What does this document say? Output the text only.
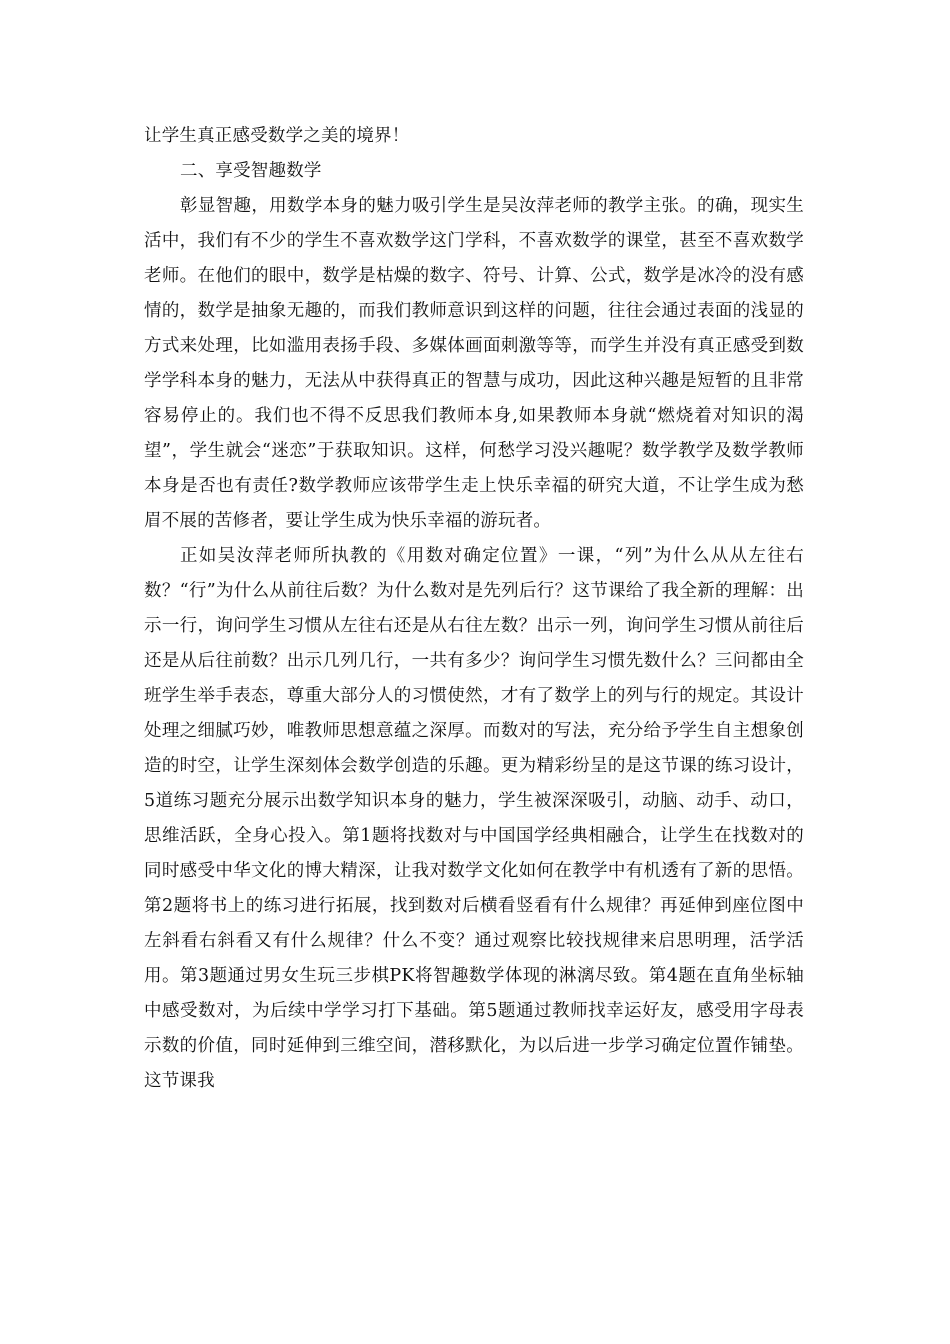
让学生真正感受数学之美的境界！
二、享受智趣数学

彰显智趣，用数学本身的魅力吸引学生是吴汝萍老师的教学主张。的确，现实生活中，我们有不少的学生不喜欢数学这门学科，不喜欢数学的课堂，甚至不喜欢数学老师。在他们的眼中，数学是枯燥的数字、符号、计算、公式，数学是冰冷的没有感情的，数学是抽象无趣的，而我们教师意识到这样的问题，往往会通过表面的浅显的方式来处理，比如滥用表扬手段、多媒体画面刺激等等，而学生并没有真正感受到数学学科本身的魅力，无法从中获得真正的智慧与成功，因此这种兴趣是短暂的且非常容易停止的。我们也不得不反思我们教师本身,如果教师本身就“燃烧着对知识的渴望”，学生就会“迷恋”于获取知识。这样，何愁学习没兴趣呢？数学教学及数学教师本身是否也有责任?数学教师应该带学生走上快乐幸福的研究大道，不让学生成为愁眉不展的苦修者，要让学生成为快乐幸福的游玩者。

正如吴汝萍老师所执教的《用数对确定位置》一课，“列”为什么从从左往右数？“行”为什么从前往后数？为什么数对是先列后行？这节课给了我全新的理解：出示一行，询问学生习惯从左往右还是从右往左数？出示一列，询问学生习惯从前往后还是从后往前数？出示几列几行，一共有多少？询问学生习惯先数什么？三问都由全班学生举手表态，尊重大部分人的习惯使然，才有了数学上的列与行的规定。其设计处理之细腻巧妙，唯教师思想意蕴之深厚。而数对的写法，充分给予学生自主想象创造的时空，让学生深刻体会数学创造的乐趣。更为精彩纷呈的是这节课的练习设计，5道练习题充分展示出数学知识本身的魅力，学生被深深吸引，动脑、动手、动口，思维活跃，全身心投入。第1题将找数对与中国国学经典相融合，让学生在找数对的同时感受中华文化的博大精深，让我对数学文化如何在教学中有机透有了新的思悟。第2题将书上的练习进行拓展，找到数对后横看竖看有什么规律？再延伸到座位图中左斜看右斜看又有什么规律？什么不变？通过观察比较找规律来启思明理，活学活用。第3题通过男女生玩三步棋PK将智趣数学体现的淋漓尽致。第4题在直角坐标轴中感受数对，为后续中学学习打下基础。第5题通过教师找幸运好友，感受用字母表示数的价值，同时延伸到三维空间，潜移默化，为以后进一步学习确定位置作铺垫。这节课我
